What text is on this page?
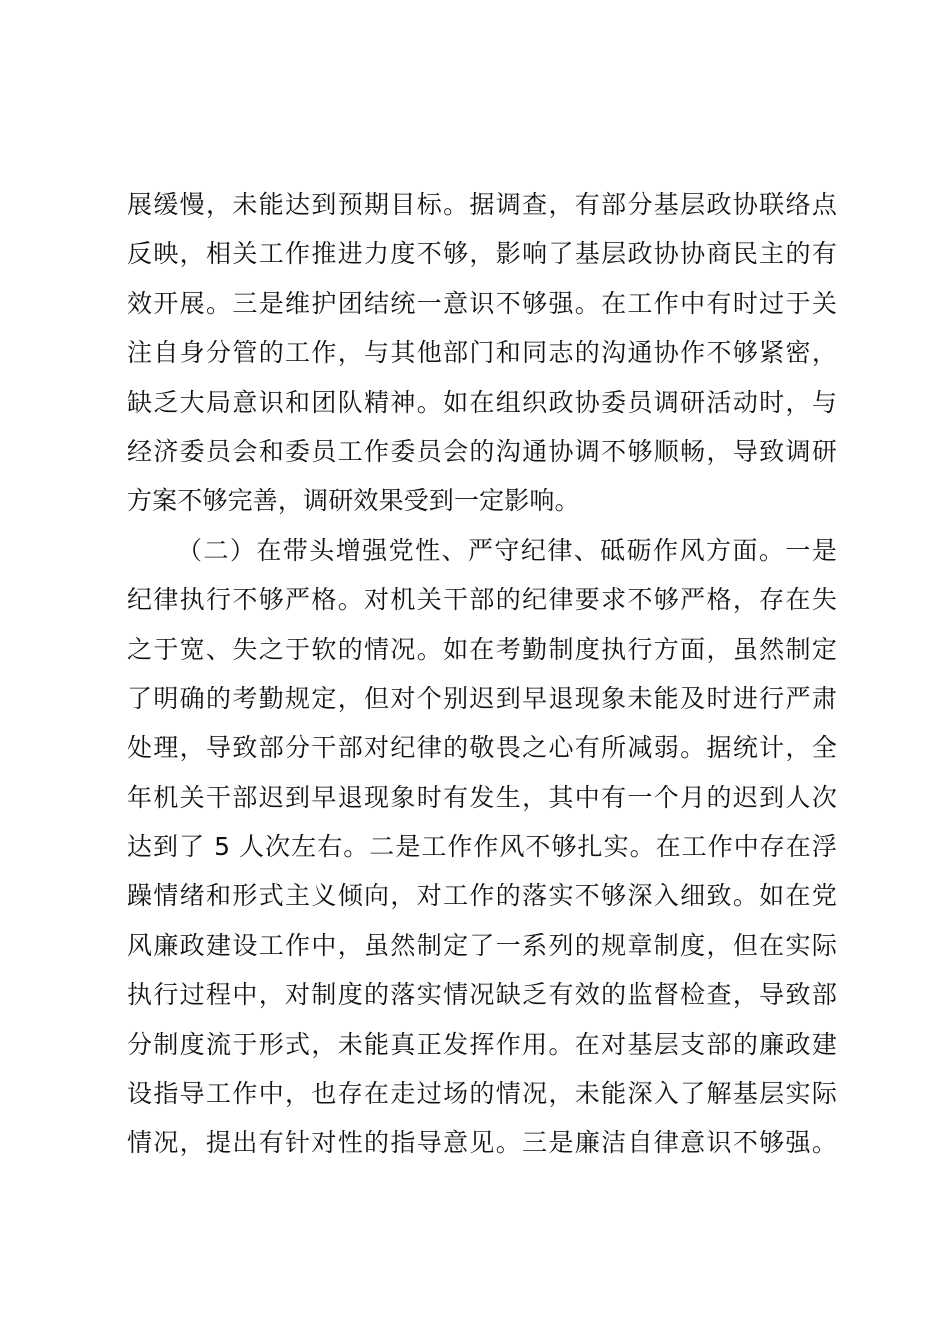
展缓慢，未能达到预期目标。据调查，有部分基层政协联络点
反映，相关工作推进力度不够，影响了基层政协协商民主的有
效开展。三是维护团结统一意识不够强。在工作中有时过于关
注自身分管的工作，与其他部门和同志的沟通协作不够紧密，
缺乏大局意识和团队精神。如在组织政协委员调研活动时，与
经济委员会和委员工作委员会的沟通协调不够顺畅，导致调研
方案不够完善，调研效果受到一定影响。
（二）在带头增强党性、严守纪律、砥砺作风方面。一是
纪律执行不够严格。对机关干部的纪律要求不够严格，存在失
之于宽、失之于软的情况。如在考勤制度执行方面，虽然制定
了明确的考勤规定，但对个别迟到早退现象未能及时进行严肃
处理，导致部分干部对纪律的敬畏之心有所减弱。据统计，全
年机关干部迟到早退现象时有发生，其中有一个月的迟到人次
达到了 5 人次左右。二是工作作风不够扎实。在工作中存在浮
躁情绪和形式主义倾向，对工作的落实不够深入细致。如在党
风廉政建设工作中，虽然制定了一系列的规章制度，但在实际
执行过程中，对制度的落实情况缺乏有效的监督检查，导致部
分制度流于形式，未能真正发挥作用。在对基层支部的廉政建
设指导工作中，也存在走过场的情况，未能深入了解基层实际
情况，提出有针对性的指导意见。三是廉洁自律意识不够强。
